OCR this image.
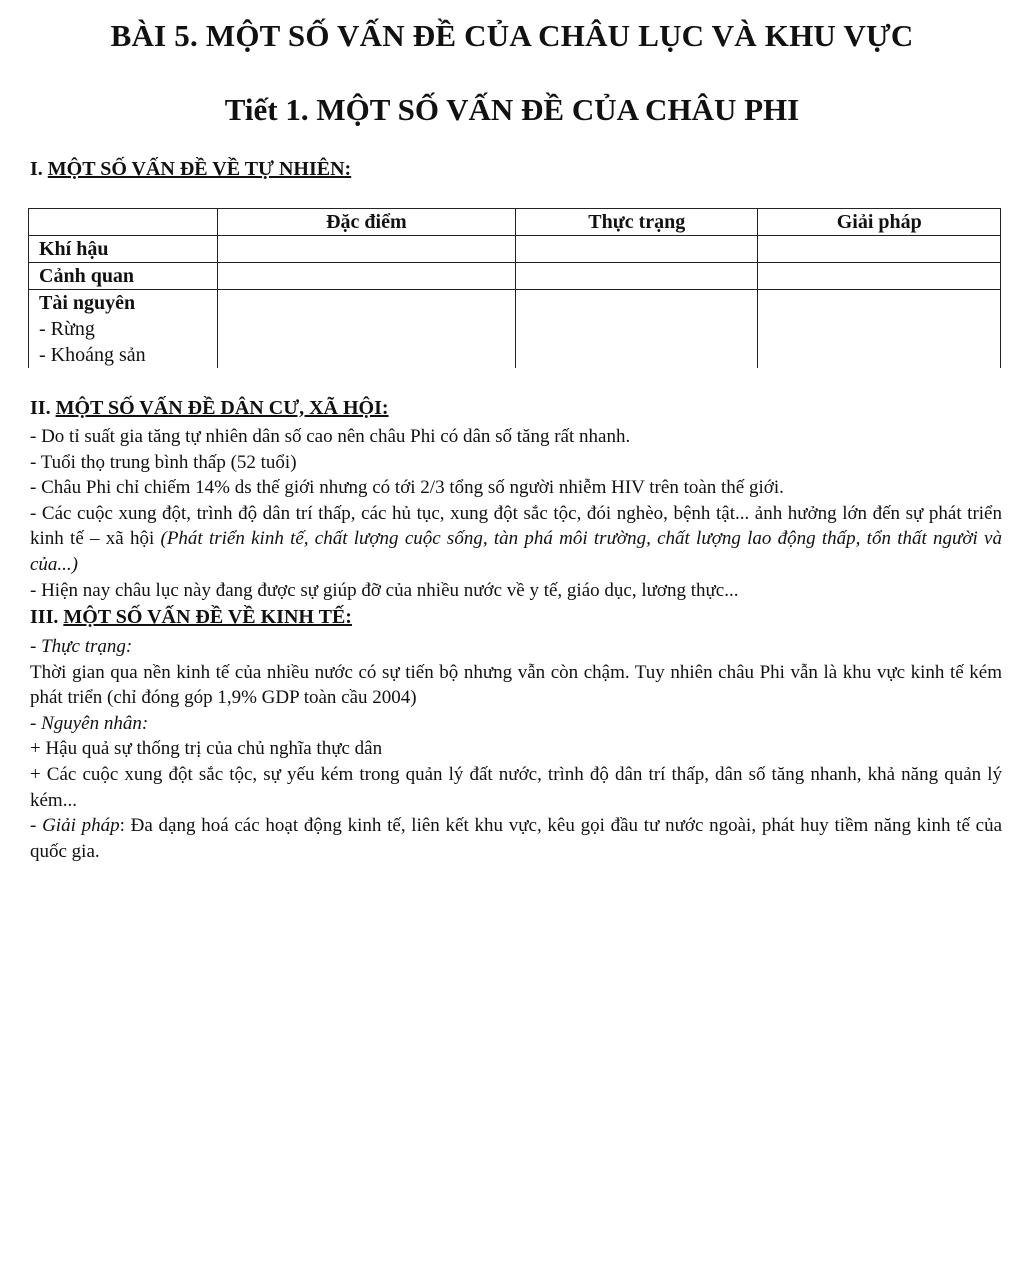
BÀI 5. MỘT SỐ VẤN ĐỀ CỦA CHÂU LỤC VÀ KHU VỰC
Tiết 1. MỘT SỐ VẤN ĐỀ CỦA CHÂU PHI
I. MỘT SỐ VẤN ĐỀ VỀ TỰ NHIÊN:
	Đặc điểm	Thực trạng	Giải pháp
Khí hậu			
Cảnh quan			

Tài nguyên
- Rừng
- Khoáng sản			

II. MỘT SỐ VẤN ĐỀ DÂN CƯ, XÃ HỘI:
- Do tỉ suất gia tăng tự nhiên dân số cao nên châu Phi có dân số tăng rất nhanh.
- Tuổi thọ trung bình thấp (52 tuổi)
- Châu Phi chỉ chiếm 14% ds thế giới nhưng có tới 2/3 tổng số người nhiễm HIV trên toàn thế giới.
- Các cuộc xung đột, trình độ dân trí thấp, các hủ tục, xung đột sắc tộc, đói nghèo, bệnh tật... ảnh hưởng lớn đến sự phát triển kinh tế – xã hội (Phát triển kinh tế, chất lượng cuộc sống, tàn phá môi trường, chất lượng lao động thấp, tổn thất người và của...)
- Hiện nay châu lục này đang được sự giúp đỡ của nhiều nước về y tế, giáo dục, lương thực...
III. MỘT SỐ VẤN ĐỀ VỀ KINH TẾ:
- Thực trạng:
Thời gian qua nền kinh tế của nhiều nước có sự tiến bộ nhưng vẫn còn chậm. Tuy nhiên châu Phi vẫn là khu vực kinh tế kém phát triển (chỉ đóng góp 1,9% GDP toàn cầu 2004)
- Nguyên nhân:
+ Hậu quả sự thống trị của chủ nghĩa thực dân
+ Các cuộc xung đột sắc tộc, sự yếu kém trong quản lý đất nước, trình độ dân trí thấp, dân số tăng nhanh, khả năng quản lý kém...
- Giải pháp: Đa dạng hoá các hoạt động kinh tế, liên kết khu vực, kêu gọi đầu tư nước ngoài, phát huy tiềm năng kinh tế của quốc gia.
